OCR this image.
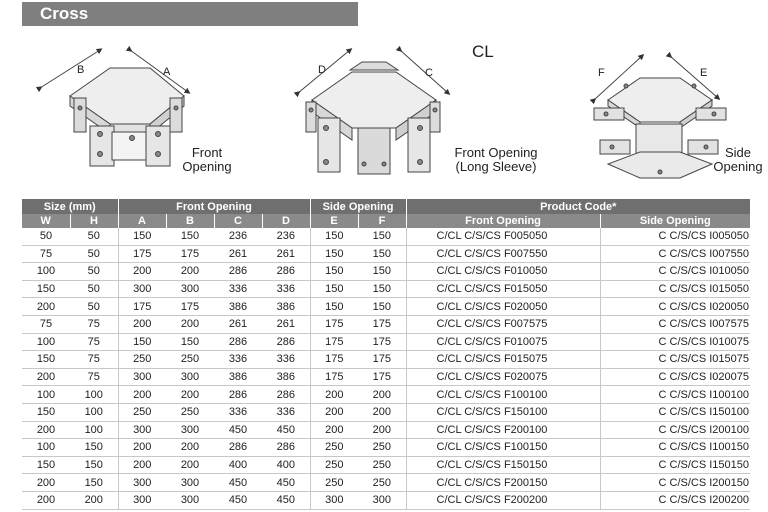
Cross
B	A	D	C	F	E
CL
Front Opening
Front Opening
(Long Sleeve)
Side Opening
Size (mm)		Front Opening				Side Opening		Product Code*	
W	H	A	B	C	D	E	F	Front Opening	Side Opening
50	50	150	150	236	236	150	150	C/CL C/S/CS F005050	C C/S/CS I005050
75	50	175	175	261	261	150	150	C/CL C/S/CS F007550	C C/S/CS I007550
100	50	200	200	286	286	150	150	C/CL C/S/CS F010050	C C/S/CS I010050
150	50	300	300	336	336	150	150	C/CL C/S/CS F015050	C C/S/CS I015050
200	50	175	175	386	386	150	150	C/CL C/S/CS F020050	C C/S/CS I020050
75	75	200	200	261	261	175	175	C/CL C/S/CS F007575	C C/S/CS I007575
100	75	150	150	286	286	175	175	C/CL C/S/CS F010075	C C/S/CS I010075
150	75	250	250	336	336	175	175	C/CL C/S/CS F015075	C C/S/CS I015075
200	75	300	300	386	386	175	175	C/CL C/S/CS F020075	C C/S/CS I020075
100	100	200	200	286	286	200	200	C/CL C/S/CS F100100	C C/S/CS I100100
150	100	250	250	336	336	200	200	C/CL C/S/CS F150100	C C/S/CS I150100
200	100	300	300	450	450	200	200	C/CL C/S/CS F200100	C C/S/CS I200100
100	150	200	200	286	286	250	250	C/CL C/S/CS F100150	C C/S/CS I100150
150	150	200	200	400	400	250	250	C/CL C/S/CS F150150	C C/S/CS I150150
200	150	300	300	450	450	250	250	C/CL C/S/CS F200150	C C/S/CS I200150
200	200	300	300	450	450	300	300	C/CL C/S/CS F200200	C C/S/CS I200200
